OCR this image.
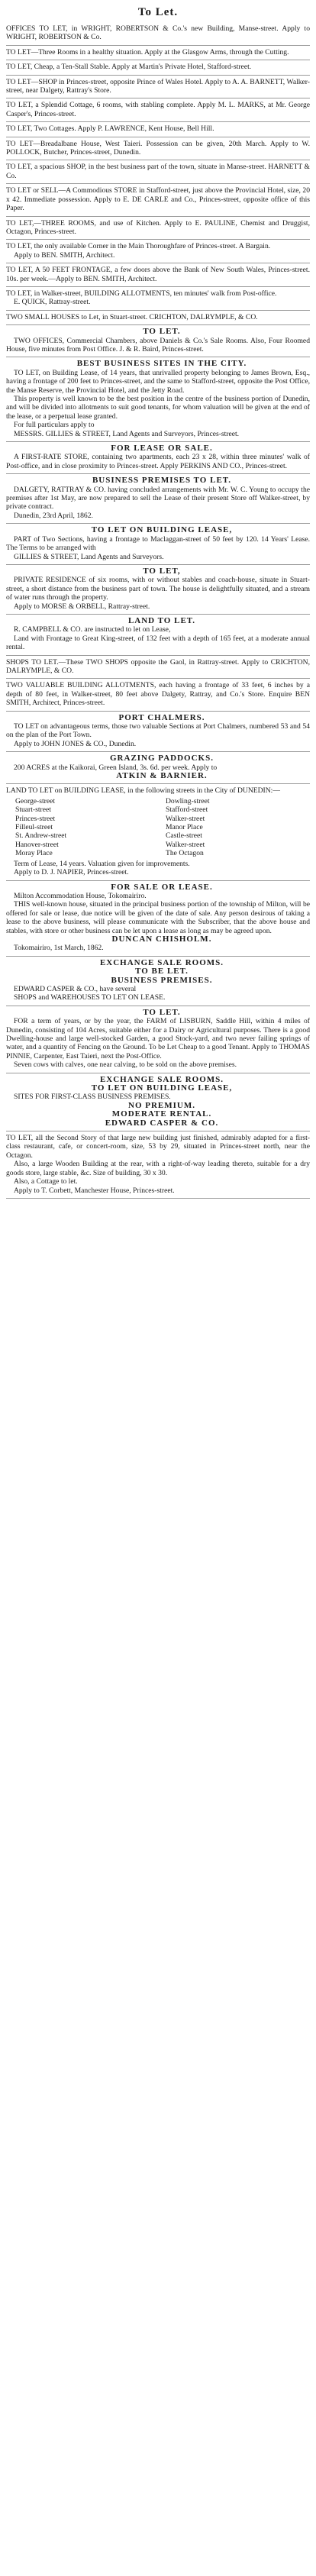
To Let.

OFFICES TO LET, in WRIGHT, ROBERTSON & Co.'s new Building, Manse-street. Apply to WRIGHT, ROBERTSON & Co.

TO LET—Three Rooms in a healthy situation. Apply at the Glasgow Arms, through the Cutting.

TO LET, Cheap, a Ten-Stall Stable. Apply at Martin's Private Hotel, Stafford-street.

TO LET—SHOP in Princes-street, opposite Prince of Wales Hotel. Apply to A. A. BARNETT, Walker-street, near Dalgety, Rattray's Store.

TO LET, a Splendid Cottage, 6 rooms, with stabling complete. Apply M. L. MARKS, at Mr. George Casper's, Princes-street.

TO LET, Two Cottages. Apply P. LAWRENCE, Kent House, Bell Hill.

TO LET—Breadalbane House, West Taieri. Possession can be given, 20th March. Apply to W. POLLOCK, Butcher, Princes-street, Dunedin.

TO LET, a spacious SHOP, in the best business part of the town, situate in Manse-street. HARNETT & Co.

TO LET or SELL—A Commodious STORE in Stafford-street, just above the Provincial Hotel, size, 20 x 42. Immediate possession. Apply to E. DE CARLE and Co., Princes-street, opposite office of this Paper.

TO LET,—THREE ROOMS, and use of Kitchen. Apply to E. PAULINE, Chemist and Druggist, Octagon, Princes-street.

TO LET, the only available Corner in the Main Thoroughfare of Princes-street. A Bargain.

Apply to BEN. SMITH, Architect.

TO LET, A 50 FEET FRONTAGE, a few doors above the Bank of New South Wales, Princes-street. 10s. per week.—Apply to BEN. SMITH, Architect.

TO LET, in Walker-street, BUILDING ALLOTMENTS, ten minutes' walk from Post-office.

E. QUICK, Rattray-street.

TWO SMALL HOUSES to Let, in Stuart-street. CRICHTON, DALRYMPLE, & CO.

TO LET.

TWO OFFICES, Commercial Chambers, above Daniels & Co.'s Sale Rooms. Also, Four Roomed House, five minutes from Post Office. J. & R. Baird, Princes-street.

BEST BUSINESS SITES IN THE CITY.

TO LET, on Building Lease, of 14 years, that unrivalled property belonging to James Brown, Esq., having a frontage of 200 feet to Princes-street, and the same to Stafford-street, opposite the Post Office, the Manse Reserve, the Provincial Hotel, and the Jetty Road.

This property is well known to be the best position in the centre of the business portion of Dunedin, and will be divided into allotments to suit good tenants, for whom valuation will be given at the end of the lease, or a perpetual lease granted.

For full particulars apply to

MESSRS. GILLIES & STREET, Land Agents and Surveyors, Princes-street.

FOR LEASE OR SALE.

A FIRST-RATE STORE, containing two apartments, each 23 x 28, within three minutes' walk of Post-office, and in close proximity to Princes-street. Apply PERKINS AND CO., Princes-street.

BUSINESS PREMISES TO LET.

DALGETY, RATTRAY & CO. having concluded arrangements with Mr. W. C. Young to occupy the premises after 1st May, are now prepared to sell the Lease of their present Store off Walker-street, by private contract.

Dunedin, 23rd April, 1862.

TO LET ON BUILDING LEASE,

PART of Two Sections, having a frontage to Maclaggan-street of 50 feet by 120. 14 Years' Lease. The Terms to be arranged with

GILLIES & STREET, Land Agents and Surveyors.

TO LET,

PRIVATE RESIDENCE of six rooms, with or without stables and coach-house, situate in Stuart-street, a short distance from the business part of town. The house is delightfully situated, and a stream of water runs through the property.

Apply to MORSE & ORBELL, Rattray-street.

LAND TO LET.

R. CAMPBELL & CO. are instructed to let on Lease,

Land with Frontage to Great King-street, of 132 feet with a depth of 165 feet, at a moderate annual rental.

SHOPS TO LET.—These TWO SHOPS opposite the Gaol, in Rattray-street. Apply to CRICHTON, DALRYMPLE, & CO.

TWO VALUABLE BUILDING ALLOTMENTS, each having a frontage of 33 feet, 6 inches by a depth of 80 feet, in Walker-street, 80 feet above Dalgety, Rattray, and Co.'s Store. Enquire BEN SMITH, Architect, Princes-street.

PORT CHALMERS.

TO LET on advantageous terms, those two valuable Sections at Port Chalmers, numbered 53 and 54 on the plan of the Port Town.

Apply to JOHN JONES & CO., Dunedin.

GRAZING PADDOCKS.

200 ACRES at the Kaikorai, Green Island, 3s. 6d. per week. Apply to

ATKIN & BARNIER.

LAND TO LET on BUILDING LEASE, in the following streets in the City of DUNEDIN:—

George-street	Dowling-street
Stuart-street	Stafford-street
Princes-street	Walker-street
Filleul-street	Manor Place
St. Andrew-street	Castle-street
Hanover-street	Walker-street
Moray Place	The Octagon

Term of Lease, 14 years. Valuation given for improvements.

Apply to D. J. NAPIER, Princes-street.

FOR SALE OR LEASE.

Milton Accommodation House, Tokomairiro.

THIS well-known house, situated in the principal business portion of the township of Milton, will be offered for sale or lease, due notice will be given of the date of sale. Any person desirous of taking a lease to the above business, will please communicate with the Subscriber, that the above house and stables, with store or other business can be let upon a lease as long as may be agreed upon.

DUNCAN CHISHOLM.

Tokomairiro, 1st March, 1862.

EXCHANGE SALE ROOMS.

TO BE LET.

BUSINESS PREMISES.

EDWARD CASPER & CO., have several

SHOPS and WAREHOUSES TO LET ON LEASE.

TO LET.

FOR a term of years, or by the year, the FARM of LISBURN, Saddle Hill, within 4 miles of Dunedin, consisting of 104 Acres, suitable either for a Dairy or Agricultural purposes. There is a good Dwelling-house and large well-stocked Garden, a good Stock-yard, and two never failing springs of water, and a quantity of Fencing on the Ground. To be Let Cheap to a good Tenant. Apply to THOMAS PINNIE, Carpenter, East Taieri, next the Post-Office.

Seven cows with calves, one near calving, to be sold on the above premises.

EXCHANGE SALE ROOMS.

TO LET ON BUILDING LEASE,

SITES FOR FIRST-CLASS BUSINESS PREMISES.

NO PREMIUM.

MODERATE RENTAL.

EDWARD CASPER & CO.

TO LET, all the Second Story of that large new building just finished, admirably adapted for a first-class restaurant, cafe, or concert-room, size, 53 by 29, situated in Princes-street north, near the Octagon.

Also, a large Wooden Building at the rear, with a right-of-way leading thereto, suitable for a dry goods store, large stable, &c. Size of building, 30 x 30.

Also, a Cottage to let.

Apply to T. Corbett, Manchester House, Princes-street.
